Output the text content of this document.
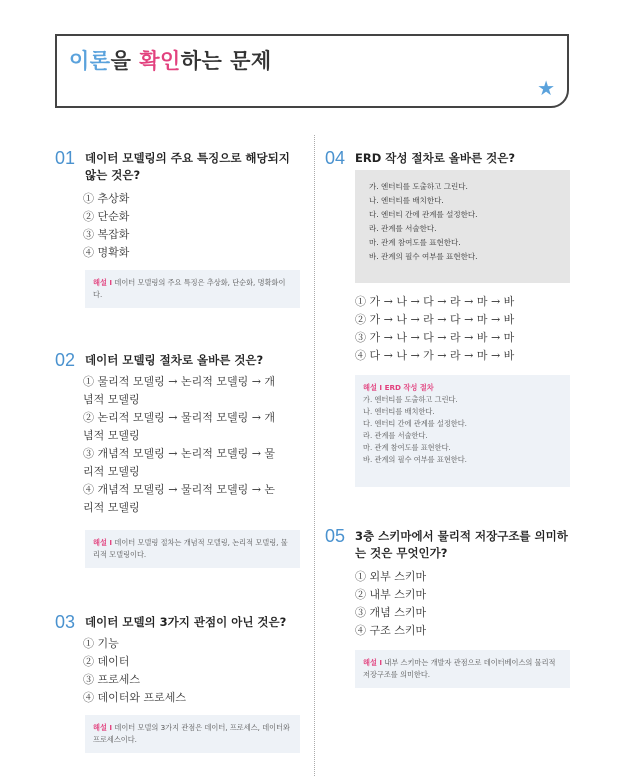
이론을 확인하는 문제
★
01 데이터 모델링의 주요 특징으로 해당되지 않는 것은?

① 추상화

② 단순화

③ 복잡화

④ 명확화

해설 I 데이터 모델링의 주요 특징은 추상화, 단순화, 명확화이다.
02 데이터 모델링 절차로 올바른 것은?

① 물리적 모델링 → 논리적 모델링 → 개념적 모델링

② 논리적 모델링 → 물리적 모델링 → 개념적 모델링

③ 개념적 모델링 → 논리적 모델링 → 물리적 모델링

④ 개념적 모델링 → 물리적 모델링 → 논리적 모델링

해설 I 데이터 모델링 절차는 개념적 모델링, 논리적 모델링, 물리적 모델링이다.
03 데이터 모델의 3가지 관점이 아닌 것은?

① 기능

② 데이터

③ 프로세스

④ 데이터와 프로세스

해설 I 데이터 모델의 3가지 관점은 데이터, 프로세스, 데이터와 프로세스이다.
04 ERD 작성 절차로 올바른 것은?
가. 엔터티를 도출하고 그린다.
나. 엔터티를 배치한다.
다. 엔터티 간에 관계를 설정한다.
라. 관계를 서술한다.
마. 관계 참여도를 표현한다.
바. 관계의 필수 여부를 표현한다.

① 가 → 나 → 다 → 라 → 마 → 바

② 가 → 나 → 라 → 다 → 마 → 바

③ 가 → 나 → 다 → 라 → 바 → 마

④ 다 → 나 → 가 → 라 → 마 → 바

해설 I ERD 작성 절차
가. 엔터티를 도출하고 그린다.
나. 엔터티를 배치한다.
다. 엔터티 간에 관계를 설정한다.
라. 관계를 서술한다.
마. 관계 참여도를 표현한다.
바. 관계의 필수 여부를 표현한다.
05 3층 스키마에서 물리적 저장구조를 의미하는 것은 무엇인가?

① 외부 스키마

② 내부 스키마

③ 개념 스키마

④ 구조 스키마

해설 I 내부 스키마는 개발자 관점으로 데이터베이스의 물리적 저장구조를 의미한다.
